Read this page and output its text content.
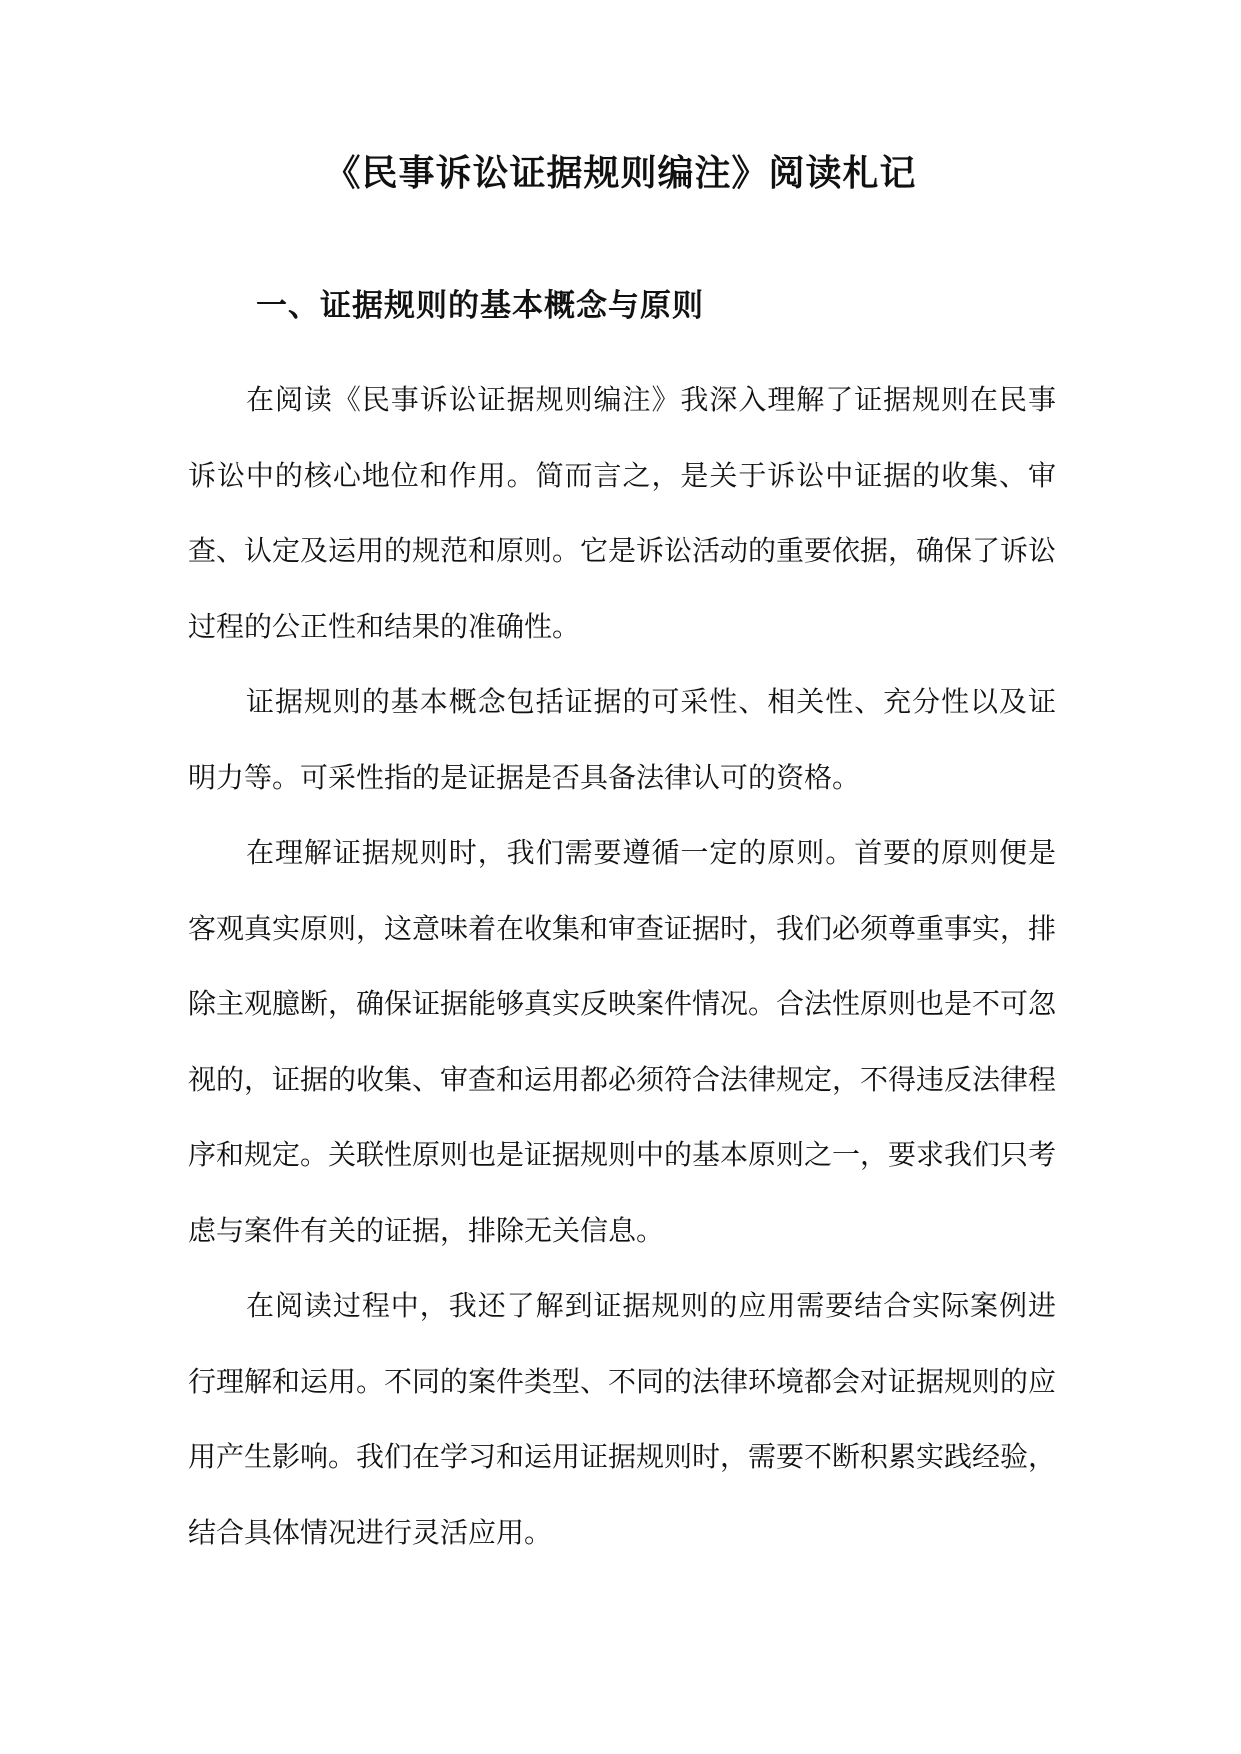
《民事诉讼证据规则编注》阅读札记
一、证据规则的基本概念与原则

在阅读《民事诉讼证据规则编注》我深入理解了证据规则在民事诉讼中的核心地位和作用。简而言之，是关于诉讼中证据的收集、审查、认定及运用的规范和原则。它是诉讼活动的重要依据，确保了诉讼过程的公正性和结果的准确性。

证据规则的基本概念包括证据的可采性、相关性、充分性以及证明力等。可采性指的是证据是否具备法律认可的资格。

在理解证据规则时，我们需要遵循一定的原则。首要的原则便是客观真实原则，这意味着在收集和审查证据时，我们必须尊重事实，排除主观臆断，确保证据能够真实反映案件情况。合法性原则也是不可忽视的，证据的收集、审查和运用都必须符合法律规定，不得违反法律程序和规定。关联性原则也是证据规则中的基本原则之一，要求我们只考虑与案件有关的证据，排除无关信息。

在阅读过程中，我还了解到证据规则的应用需要结合实际案例进行理解和运用。不同的案件类型、不同的法律环境都会对证据规则的应用产生影响。我们在学习和运用证据规则时，需要不断积累实践经验，结合具体情况进行灵活应用。
